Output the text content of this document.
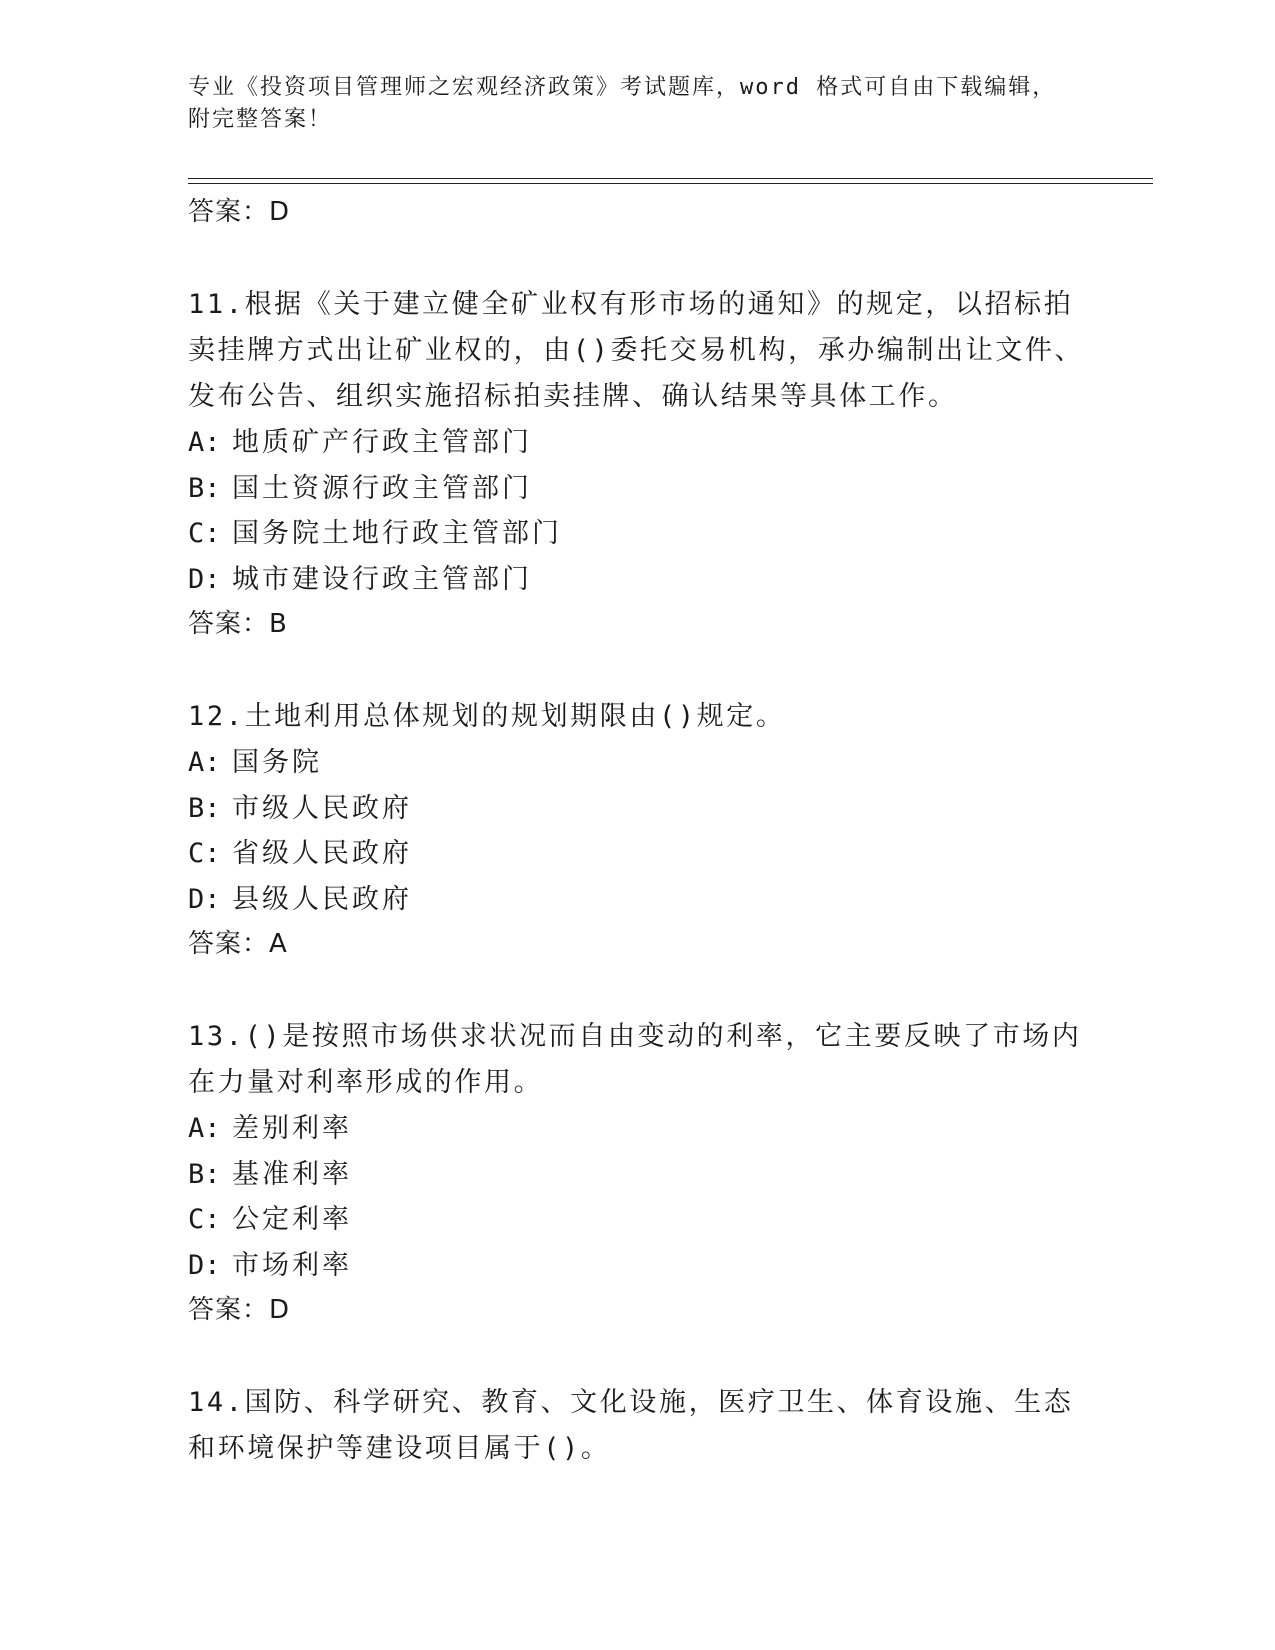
专业《投资项目管理师之宏观经济政策》考试题库，word 格式可自由下载编辑，
附完整答案！
答案：D
11.根据《关于建立健全矿业权有形市场的通知》的规定，以招标拍卖挂牌方式出让矿业权的，由()委托交易机构，承办编制出让文件、发布公告、组织实施招标拍卖挂牌、确认结果等具体工作。
A: 地质矿产行政主管部门
B: 国土资源行政主管部门
C: 国务院土地行政主管部门
D: 城市建设行政主管部门
答案：B
12.土地利用总体规划的规划期限由()规定。
A: 国务院
B: 市级人民政府
C: 省级人民政府
D: 县级人民政府
答案：A
13.()是按照市场供求状况而自由变动的利率，它主要反映了市场内在力量对利率形成的作用。
A: 差别利率
B: 基准利率
C: 公定利率
D: 市场利率
答案：D
14.国防、科学研究、教育、文化设施，医疗卫生、体育设施、生态和环境保护等建设项目属于()。
